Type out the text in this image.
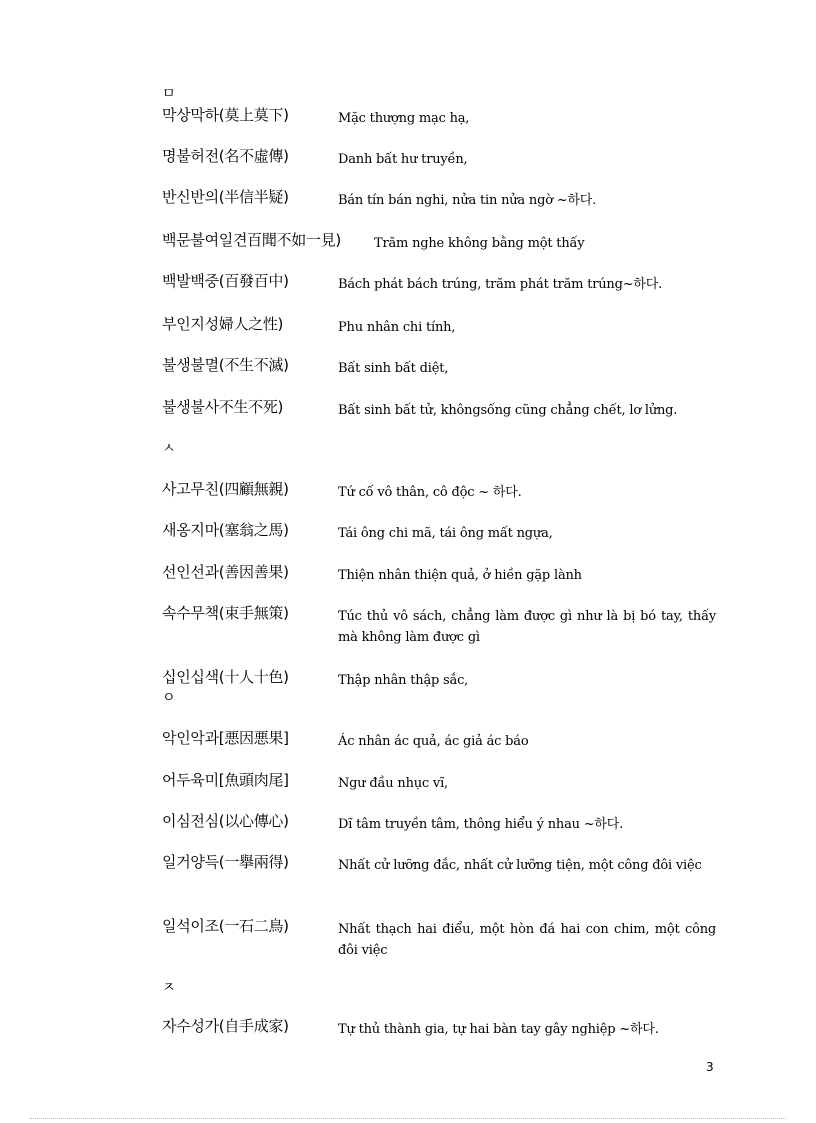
ㅁ
막상막하(莫上莫下)	Mặc thượng mạc hạ,
명불허전(名不虛傳)	Danh bất hư truyền,
반신반의(半信半疑)	Bán tín bán nghi, nửa tin nửa ngờ ~하다.
백문불여일견百聞不如一見)	Trăm nghe không bằng một thấy
백발백중(百發百中)	Bách phát bách trúng, trăm phát trăm trúng~하다.
부인지성婦人之性)	Phu nhân chi tính,
불생불멸(不生不滅)	Bất sinh bất diệt,
불생불사不生不死)	Bất sinh bất tử, khôngsống cũng chẳng chết, lơ lửng.
ㅅ
사고무친(四顧無親)	Tứ cố vô thân, cô độc ~ 하다.
새옹지마(塞翁之馬)	Tái ông chi mã, tái ông mất ngựa,
선인선과(善因善果)	Thiện nhân thiện quả, ở hiền gặp lành
속수무책(束手無策)	Túc thủ vô sách, chẳng làm được gì như là bị bó tay, thấy mà không làm được gì
십인십색(十人十色)	Thập nhân thập sắc,
ㅇ
악인악과[悪因悪果]	Ác nhân ác quả, ác giả ác báo
어두육미[魚頭肉尾]	Ngư đầu nhục vĩ,
이심전심(以心傳心)	Dĩ tâm truyền tâm, thông hiểu ý nhau ~하다.
일거양득(一擧兩得)	Nhất cử lưỡng đắc, nhất cử lưỡng tiện, một công đôi việc
일석이조(一石二鳥)	Nhất thạch hai điểu, một hòn đá hai con chim, một công đôi việc
ㅈ
자수성가(自手成家)	Tự thủ thành gia, tự hai bàn tay gây nghiệp ~하다.
3
